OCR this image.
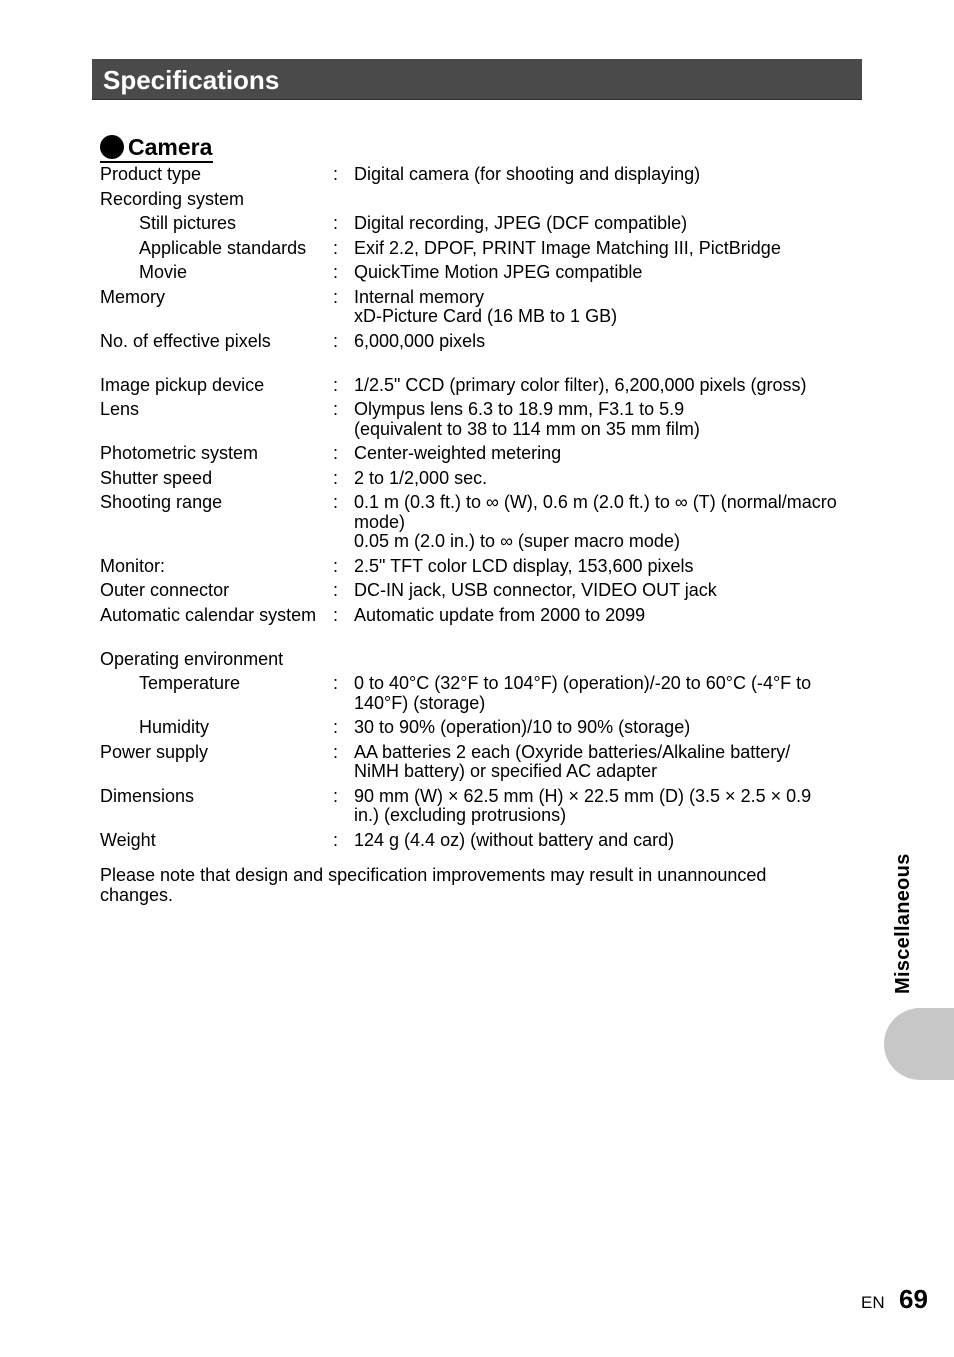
Specifications
Camera
Product type	: Digital camera (for shooting and displaying)
Recording system
Still pictures	: Digital recording, JPEG (DCF compatible)
Applicable standards	: Exif 2.2, DPOF, PRINT Image Matching III, PictBridge
Movie	: QuickTime Motion JPEG compatible
Memory	: Internal memory
xD-Picture Card (16 MB to 1 GB)
No. of effective pixels	: 6,000,000 pixels
Image pickup device	: 1/2.5" CCD (primary color filter), 6,200,000 pixels (gross)
Lens	: Olympus lens 6.3 to 18.9 mm, F3.1 to 5.9
(equivalent to 38 to 114 mm on 35 mm film)
Photometric system	: Center-weighted metering
Shutter speed	: 2 to 1/2,000 sec.
Shooting range	: 0.1 m (0.3 ft.) to ∞ (W), 0.6 m (2.0 ft.) to ∞ (T) (normal/macro
mode)
0.05 m (2.0 in.) to ∞ (super macro mode)
Monitor:	: 2.5" TFT color LCD display, 153,600 pixels
Outer connector	: DC-IN jack, USB connector, VIDEO OUT jack
Automatic calendar system : Automatic update from 2000 to 2099
Operating environment
Temperature	: 0 to 40°C (32°F to 104°F) (operation)/-20 to 60°C (-4°F to
140°F) (storage)
Humidity	: 30 to 90% (operation)/10 to 90% (storage)
Power supply	: AA batteries 2 each (Oxyride batteries/Alkaline battery/
NiMH battery) or specified AC adapter
Dimensions	: 90 mm (W) × 62.5 mm (H) × 22.5 mm (D) (3.5 × 2.5 × 0.9
in.) (excluding protrusions)
Weight	: 124 g (4.4 oz) (without battery and card)
Please note that design and specification improvements may result in unannounced changes.	Miscellaneous
EN 69
